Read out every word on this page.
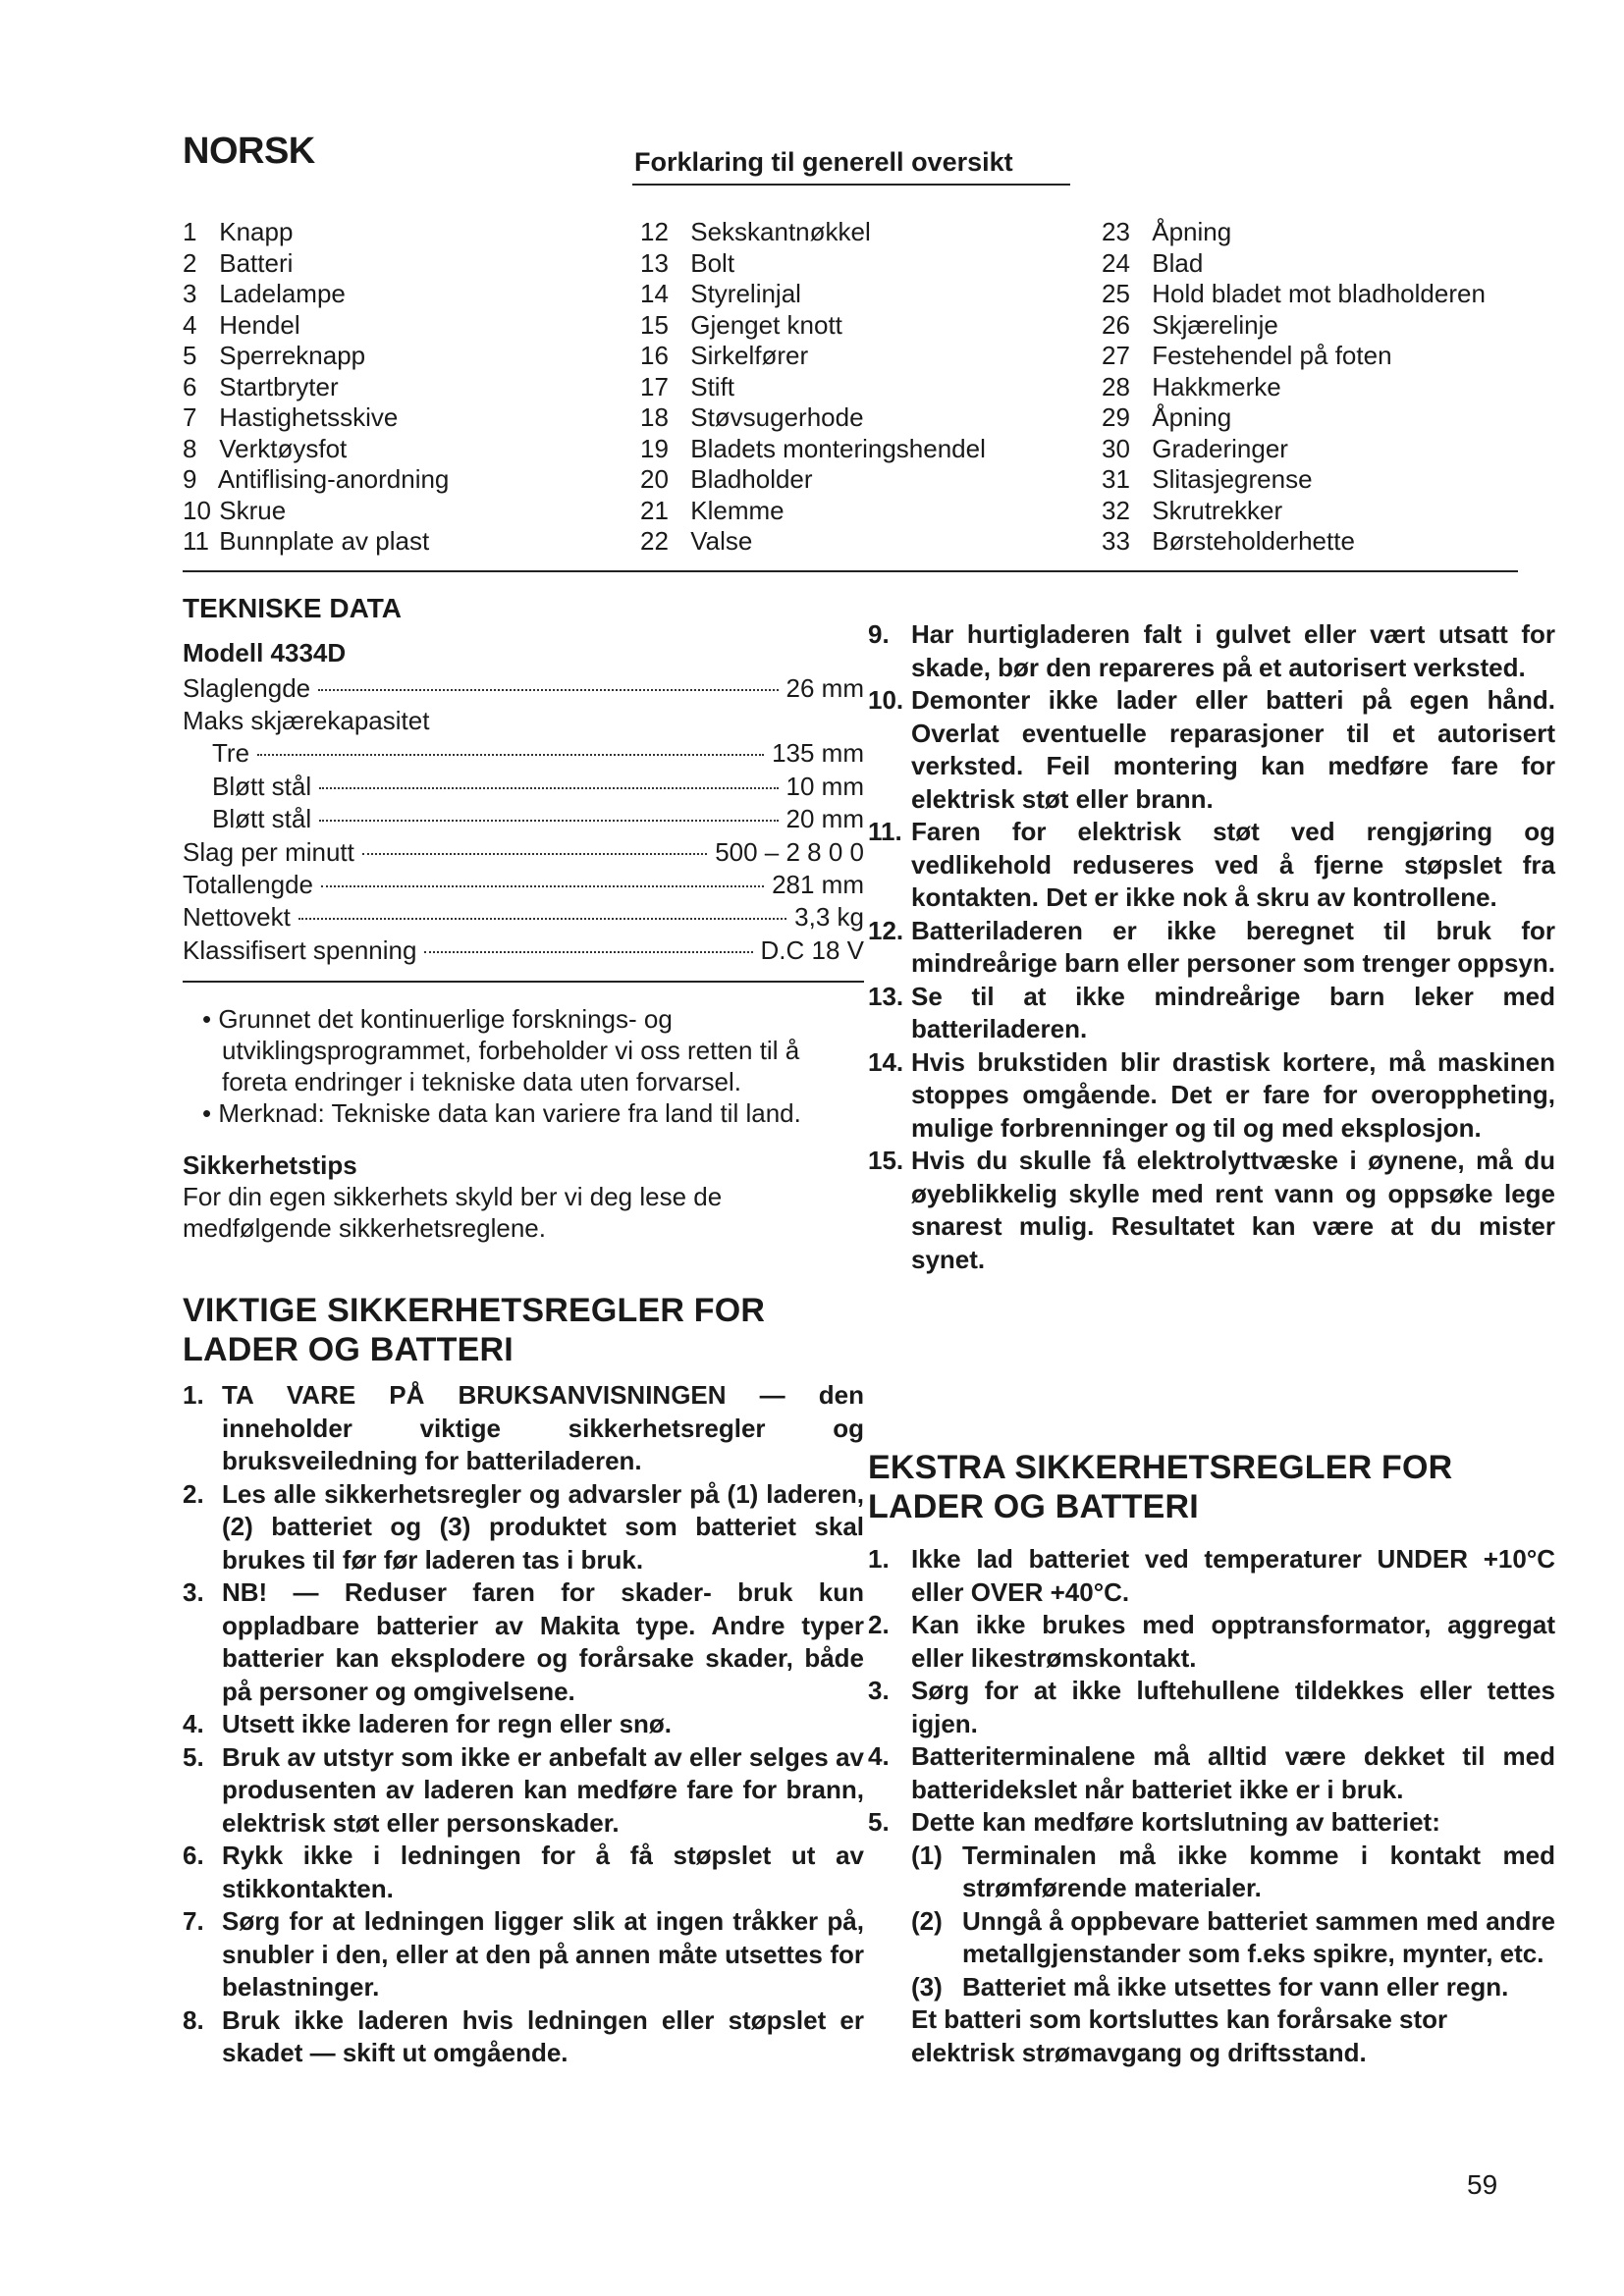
NORSK	Forklaring til generell oversikt
1 Knapp
2 Batteri
3 Ladelampe
4 Hendel
5 Sperreknapp
6 Startbryter
7 Hastighetsskive
8 Verktøysfot
9 Antiflising-anordning
10 Skrue
11 Bunnplate av plast
12 Sekskantnøkkel
13 Bolt
14 Styrelinjal
15 Gjenget knott
16 Sirkelfører
17 Stift
18 Støvsugerhode
19 Bladets monteringshendel
20 Bladholder
21 Klemme
22 Valse
23 Åpning
24 Blad
25 Hold bladet mot bladholderen
26 Skjærelinje
27 Festehendel på foten
28 Hakkmerke
29 Åpning
30 Graderinger
31 Slitasjegrense
32 Skrutrekker
33 Børsteholderhette
TEKNISKE DATA
Modell 4334D
Slaglengde	26 mm
Maks skjærekapasitet
Tre	135 mm
Bløtt stål	10 mm
Bløtt stål	20 mm
Slag per minutt	500 – 2 8 0 0
Totallengde	281 mm
Nettovekt	3,3 kg
Klassifisert spenning	D.C 18 V

• Grunnet det kontinuerlige forsknings- og utviklingsprogrammet, forbeholder vi oss retten til å foreta endringer i tekniske data uten forvarsel.

• Merknad: Tekniske data kan variere fra land til land.

Sikkerhetstips
For din egen sikkerhets skyld ber vi deg lese de medfølgende sikkerhetsreglene.
VIKTIGE SIKKERHETSREGLER FOR LADER OG BATTERI
1. TA VARE PÅ BRUKSANVISNINGEN — den inneholder viktige sikkerhetsregler og bruksveiledning for batteriladeren.
2. Les alle sikkerhetsregler og advarsler på (1) laderen, (2) batteriet og (3) produktet som batteriet skal brukes til før før laderen tas i bruk.
3. NB! — Reduser faren for skader- bruk kun oppladbare batterier av Makita type. Andre typer batterier kan eksplodere og forårsake skader, både på personer og omgivelsene.
4. Utsett ikke laderen for regn eller snø.
5. Bruk av utstyr som ikke er anbefalt av eller selges av produsenten av laderen kan medføre fare for brann, elektrisk støt eller personskader.
6. Rykk ikke i ledningen for å få støpslet ut av stikkontakten.
7. Sørg for at ledningen ligger slik at ingen tråkker på, snubler i den, eller at den på annen måte utsettes for belastninger.
8. Bruk ikke laderen hvis ledningen eller støpslet er skadet — skift ut omgående.
9. Har hurtigladeren falt i gulvet eller vært utsatt for skade, bør den repareres på et autorisert verksted.
10. Demonter ikke lader eller batteri på egen hånd. Overlat eventuelle reparasjoner til et autorisert verksted. Feil montering kan medføre fare for elektrisk støt eller brann.
11. Faren for elektrisk støt ved rengjøring og vedlikehold reduseres ved å fjerne støpslet fra kontakten. Det er ikke nok å skru av kontrollene.
12. Batteriladeren er ikke beregnet til bruk for mindreårige barn eller personer som trenger oppsyn.
13. Se til at ikke mindreårige barn leker med batteriladeren.
14. Hvis brukstiden blir drastisk kortere, må maskinen stoppes omgående. Det er fare for overoppheting, mulige forbrenninger og til og med eksplosjon.
15. Hvis du skulle få elektrolyttvæske i øynene, må du øyeblikkelig skylle med rent vann og oppsøke lege snarest mulig. Resultatet kan være at du mister synet.
EKSTRA SIKKERHETSREGLER FOR LADER OG BATTERI
1. Ikke lad batteriet ved temperaturer UNDER +10°C eller OVER +40°C.
2. Kan ikke brukes med opptransformator, aggregat eller likestrømskontakt.
3. Sørg for at ikke luftehullene tildekkes eller tettes igjen.
4. Batteriterminalene må alltid være dekket til med batteridekslet når batteriet ikke er i bruk.
5. Dette kan medføre kortslutning av batteriet:
(1) Terminalen må ikke komme i kontakt med strømførende materialer.
(2) Unngå å oppbevare batteriet sammen med andre metallgjenstander som f.eks spikre, mynter, etc.
(3) Batteriet må ikke utsettes for vann eller regn.
Et batteri som kortsluttes kan forårsake stor elektrisk strømavgang og driftsstand.
59
